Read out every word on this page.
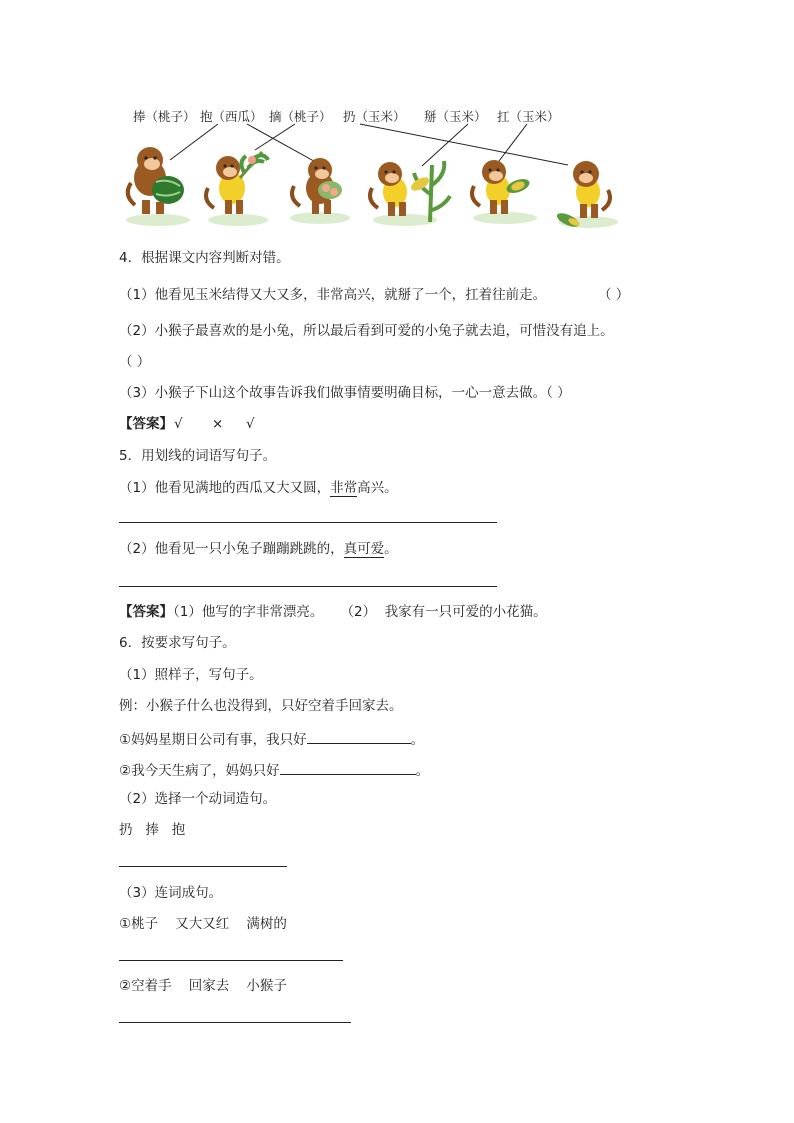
捧（桃子） 抱（西瓜） 摘（桃子） 扔（玉米） 掰（玉米） 扛（玉米）
4．根据课文内容判断对错。
（1）他看见玉米结得又大又多，非常高兴，就掰了一个，扛着往前走。	（ ）
（2）小猴子最喜欢的是小兔，所以最后看到可爱的小兔子就去追，可惜没有追上。
（ ）
（3）小猴子下山这个故事告诉我们做事情要明确目标，一心一意去做。（ ）
【答案】 √ × √
5．用划线的词语写句子。
（1）他看见满地的西瓜又大又圆，非常高兴。
（2）他看见一只小兔子蹦蹦跳跳的，真可爱。
【答案】（1）他写的字非常漂亮。    （2）  我家有一只可爱的小花猫。
6．按要求写句子。
（1）照样子，写句子。
例：小猴子什么也没得到，只好空着手回家去。
①妈妈星期日公司有事，我只好	。
②我今天生病了，妈妈只好	。
（2）选择一个动词造句。
扔   捧   抱
（3）连词成句。
①桃子    又大又红    满树的
②空着手    回家去    小猴子
